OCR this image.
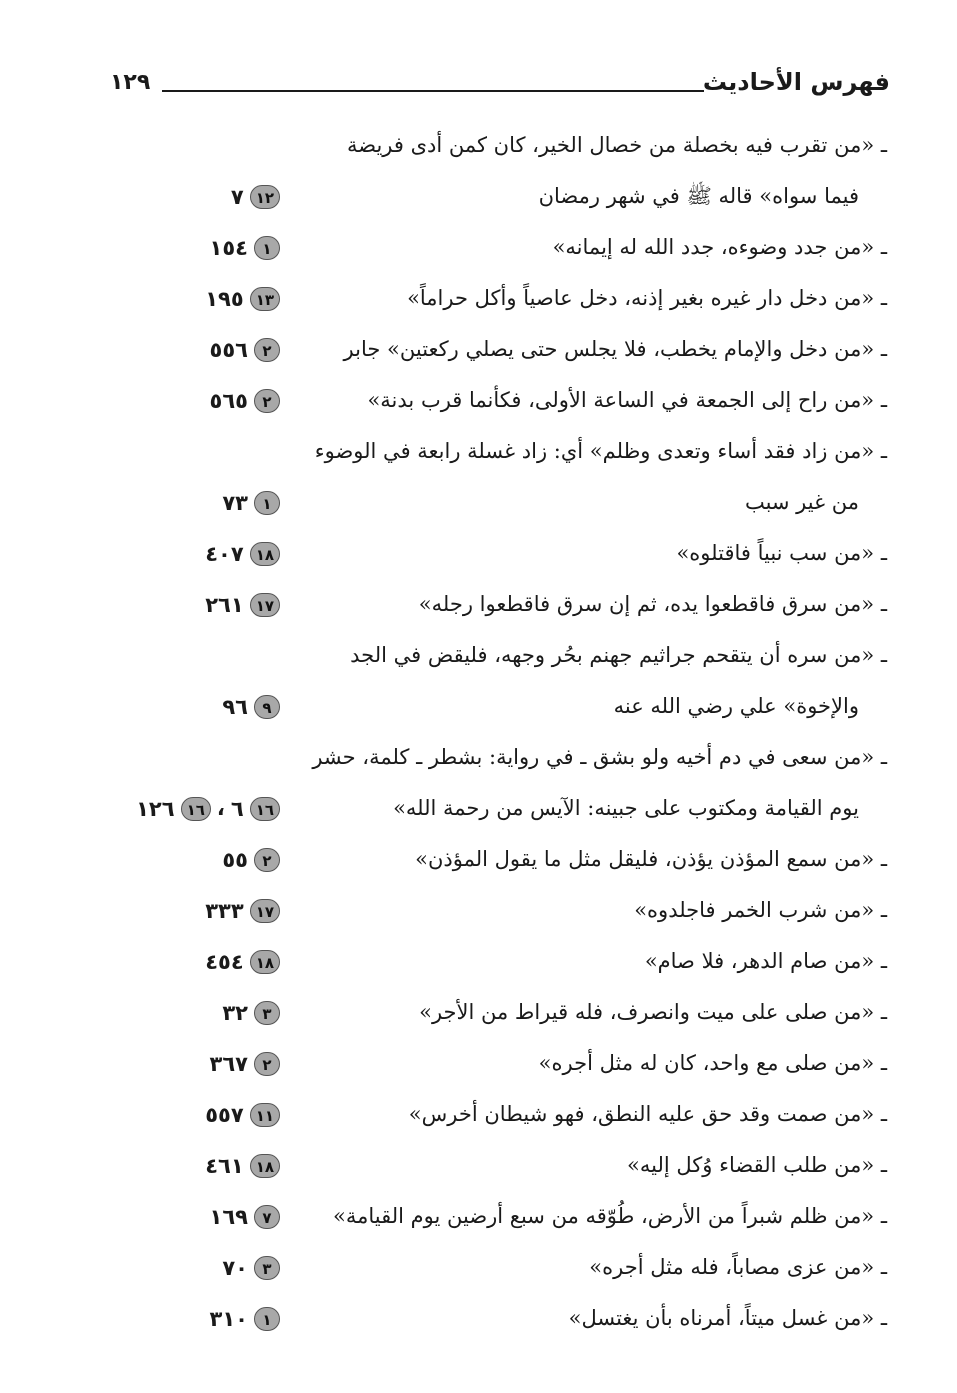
فهرس الأحاديث
١٢٩
ـ «من تقرب فيه بخصلة من خصال الخير، كان كمن أدى فريضة
فيما سواه» قاله ﷺ في شهر رمضان
١٢
٧
ـ «من جدد وضوءه، جدد الله له إيمانه»
١
١٥٤
ـ «من دخل دار غيره بغير إذنه، دخل عاصياً وأكل حراماً»
١٣
١٩٥
ـ «من دخل والإمام يخطب، فلا يجلس حتى يصلي ركعتين» جابر
٢
٥٥٦
ـ «من راح إلى الجمعة في الساعة الأولى، فكأنما قرب بدنة»
٢
٥٦٥
ـ «من زاد فقد أساء وتعدى وظلم» أي: زاد غسلة رابعة في الوضوء
من غير سبب
١
٧٣
ـ «من سب نبياً فاقتلوه»
١٨
٤٠٧
ـ «من سرق فاقطعوا يده، ثم إن سرق فاقطعوا رجله»
١٧
٢٦١
ـ «من سره أن يتقحم جراثيم جهنم بحُر وجهه، فليقض في الجد
والإخوة» علي رضي الله عنه
٩
٩٦
ـ «من سعى في دم أخيه ولو بشق ـ في رواية: بشطر ـ كلمة، حشر
يوم القيامة ومكتوب على جبينه: الآيس من رحمة الله»
١٦
٦
،
١٦
١٢٦
ـ «من سمع المؤذن يؤذن، فليقل مثل ما يقول المؤذن»
٢
٥٥
ـ «من شرب الخمر فاجلدوه»
١٧
٣٣٣
ـ «من صام الدهر، فلا صام»
١٨
٤٥٤
ـ «من صلى على ميت وانصرف، فله قيراط من الأجر»
٣
٣٢
ـ «من صلى مع واحد، كان له مثل أجره»
٢
٣٦٧
ـ «من صمت وقد حق عليه النطق، فهو شيطان أخرس»
١١
٥٥٧
ـ «من طلب القضاء وُكل إليه»
١٨
٤٦١
ـ «من ظلم شبراً من الأرض، طُوّقه من سبع أرضين يوم القيامة»
٧
١٦٩
ـ «من عزى مصاباً، فله مثل أجره»
٣
٧٠
ـ «من غسل ميتاً، أمرناه بأن يغتسل»
١
٣١٠
